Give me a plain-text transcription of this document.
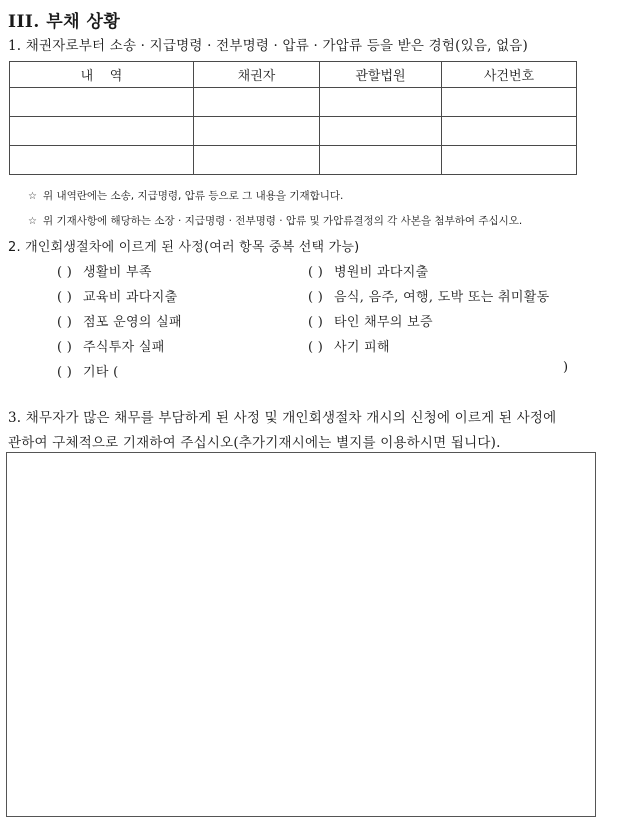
III. 부채 상황
1. 채권자로부터 소송 · 지급명령 · 전부명령 · 압류 · 가압류 등을 받은 경험(있음, 없음)
내    역	채권자	관할법원	사건번호

☆ 위 내역란에는 소송, 지급명령, 압류 등으로 그 내용을 기재합니다.
☆ 위 기재사항에 해당하는 소장 · 지급명령 · 전부명령 · 압류 및 가압류결정의 각 사본을 첨부하여 주십시오.
2. 개인회생절차에 이르게 된 사정(여러 항목 중복 선택 가능)
( ) 생활비 부족
( ) 교육비 과다지출
( ) 점포 운영의 실패
( ) 주식투자 실패
( ) 기타 (	)
( ) 병원비 과다지출
( ) 음식, 음주, 여행, 도박 또는 취미활동
( ) 타인 채무의 보증
( ) 사기 피해
3. 채무자가 많은 채무를 부담하게 된 사정 및 개인회생절차 개시의 신청에 이르게 된 사정에
관하여 구체적으로 기재하여 주십시오(추가기재시에는 별지를 이용하시면 됩니다).
